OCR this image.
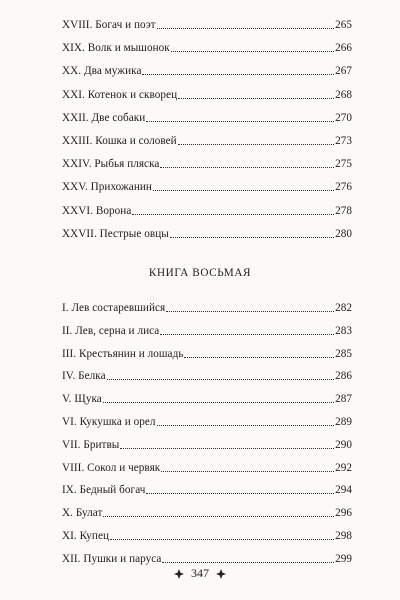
XVIII. Богач и поэт	265
XIX. Волк и мышонок	266
XX. Два мужика	267
XXI. Котенок и скворец	268
XXII. Две собаки	270
XXIII. Кошка и соловей	273
XXIV. Рыбья пляска	275
XXV. Прихожанин	276
XXVI. Ворона	278
XXVII. Пестрые овцы	280
КНИГА ВОСЬМАЯ
I. Лев состаревшийся	282
II. Лев, серна и лиса	283
III. Крестьянин и лошадь	285
IV. Белка	286
V. Щука	287
VI. Кукушка и орел	289
VII. Бритвы	290
VIII. Сокол и червяк	292
IX. Бедный богач	294
X. Булат	296
XI. Купец	298
XII. Пушки и паруса	299
347
